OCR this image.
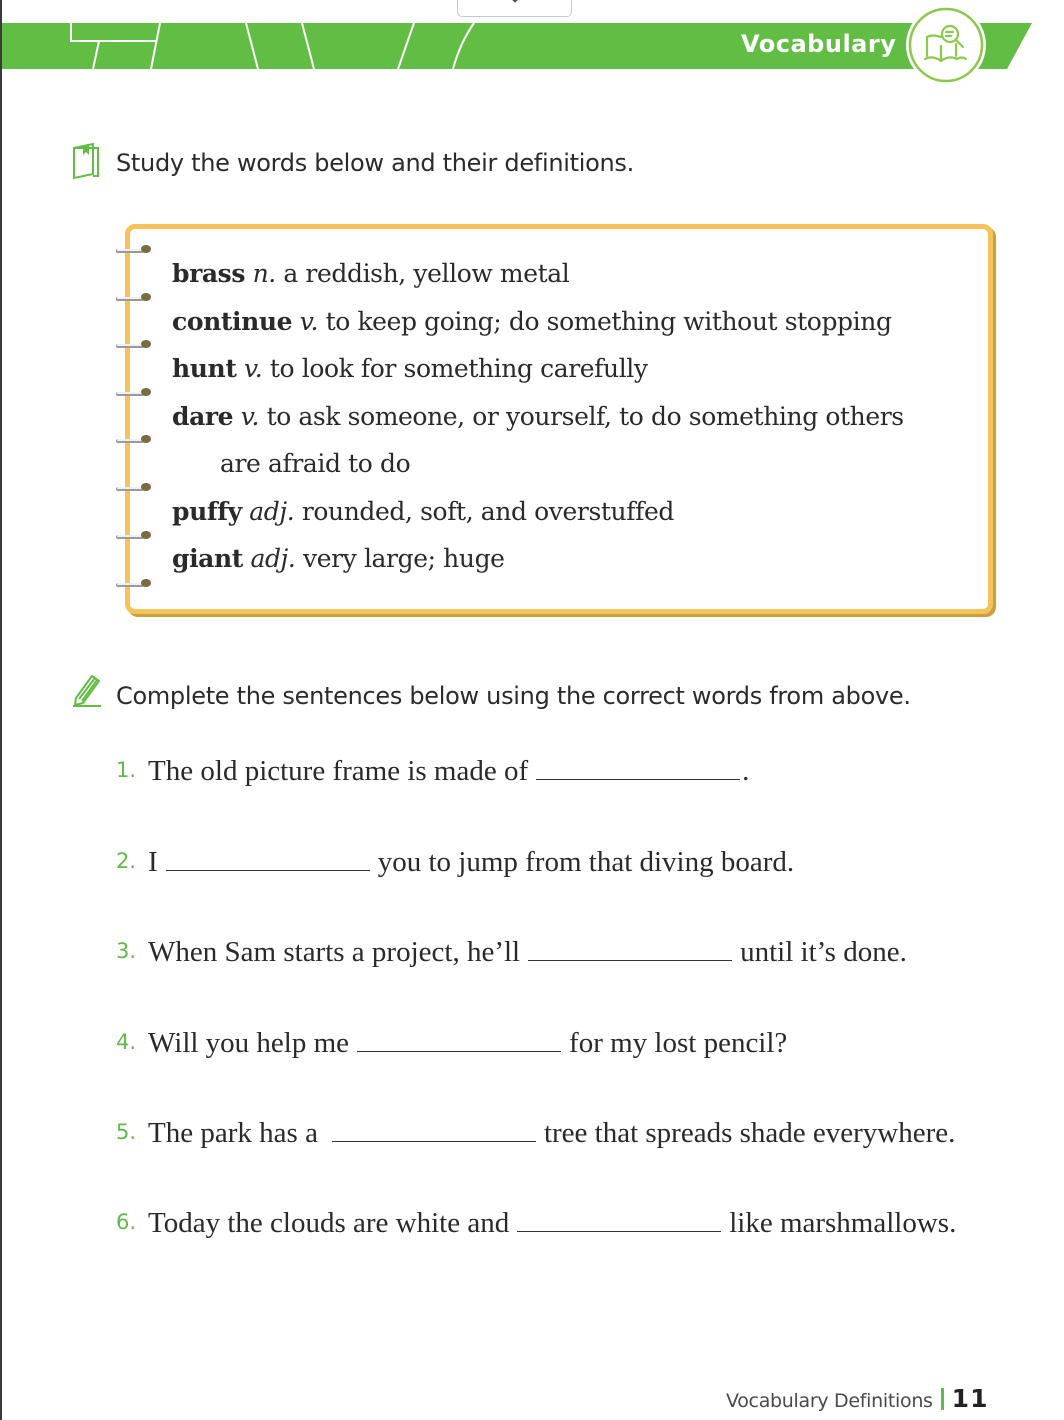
Vocabulary
Study the words below and their definitions.
brass n. a reddish, yellow metal
continue v. to keep going; do something without stopping
hunt v. to look for something carefully
dare v. to ask someone, or yourself, to do something others
are afraid to do
puffy adj. rounded, soft, and overstuffed
giant adj. very large; huge
Complete the sentences below using the correct words from above.
1. The old picture frame is made of	.
2. I	you to jump from that diving board.
3. When Sam starts a project, he’ll	until it’s done.
4. Will you help me	for my lost pencil?
5. The park has a	tree that spreads shade everywhere.
6. Today the clouds are white and	like marshmallows.
Vocabulary Definitions 11
